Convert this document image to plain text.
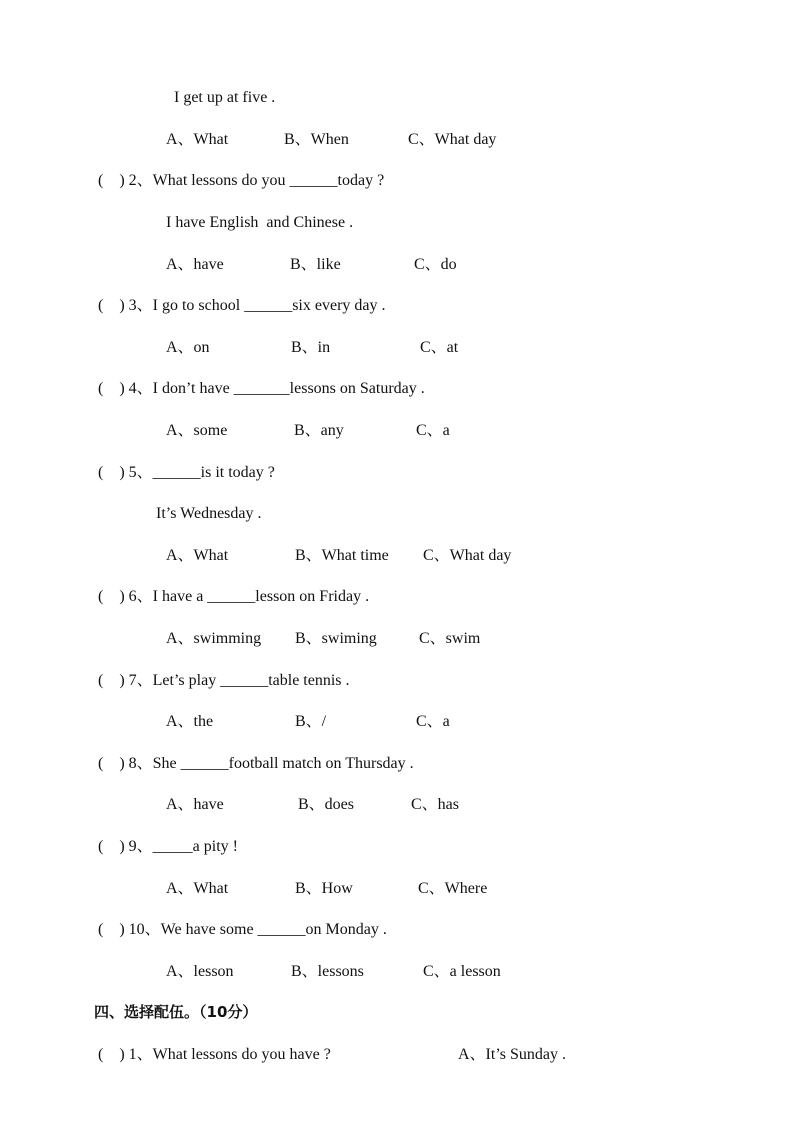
I get up at five .
A、What	B、When	C、What day
(    ) 2、What lessons do you ______today ?
I have English  and Chinese .
A、have	B、like	C、do
(    ) 3、I go to school ______six every day .
A、on	B、in	C、at
(    ) 4、I don’t have _______lessons on Saturday .
A、some	B、any	C、a
(    ) 5、______is it today ?
It’s Wednesday .
A、What	B、What time C、What day
(    ) 6、I have a ______lesson on Friday .
A、swimming B、swiming	C、swim
(    ) 7、Let’s play ______table tennis .
A、the	B、/	C、a
(    ) 8、She ______football match on Thursday .
A、have	B、does	C、has
(    ) 9、_____a pity !
A、What	B、How	C、Where
(    ) 10、We have some ______on Monday .
A、lesson	B、lessons	C、a lesson
四、选择配伍。（10分）
(    ) 1、What lessons do you have ?	A、It’s Sunday .
